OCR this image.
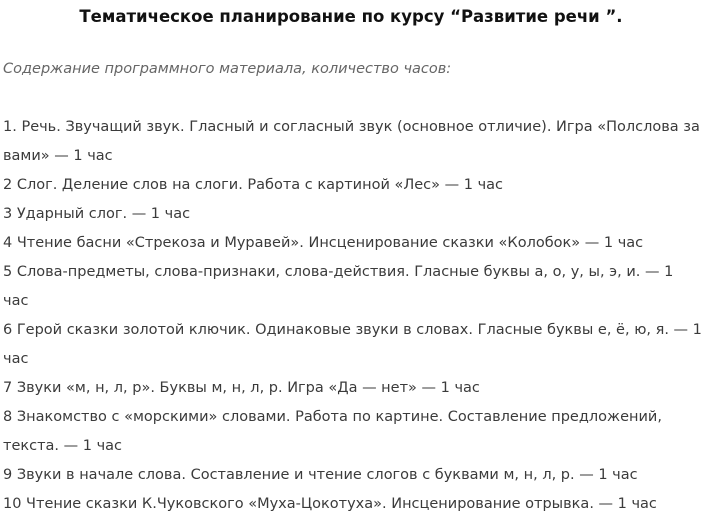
Тематическое планирование по курсу “Развитие речи ”.

Содержание программного материала, количество часов:

1. Речь. Звучащий звук. Гласный и согласный звук (основное отличие). Игра «Полслова за вами» — 1 час
2 Слог. Деление слов на слоги. Работа с картиной «Лес» — 1 час
3 Ударный слог. — 1 час
4 Чтение басни «Стрекоза и Муравей». Инсценирование сказки «Колобок» — 1 час
5 Слова-предметы, слова-признаки, слова-действия. Гласные буквы а, о, у, ы, э, и. — 1 час
6 Герой сказки золотой ключик. Одинаковые звуки в словах. Гласные буквы е, ё, ю, я. — 1 час
7 Звуки «м, н, л, р». Буквы м, н, л, р. Игра «Да — нет» — 1 час
8 Знакомство с «морскими» словами. Работа по картине. Составление предложений, текста. — 1 час
9 Звуки в начале слова. Составление и чтение слогов с буквами м, н, л, р. — 1 час
10 Чтение сказки К.Чуковского «Муха-Цокотуха». Инсценирование отрывка. — 1 час
